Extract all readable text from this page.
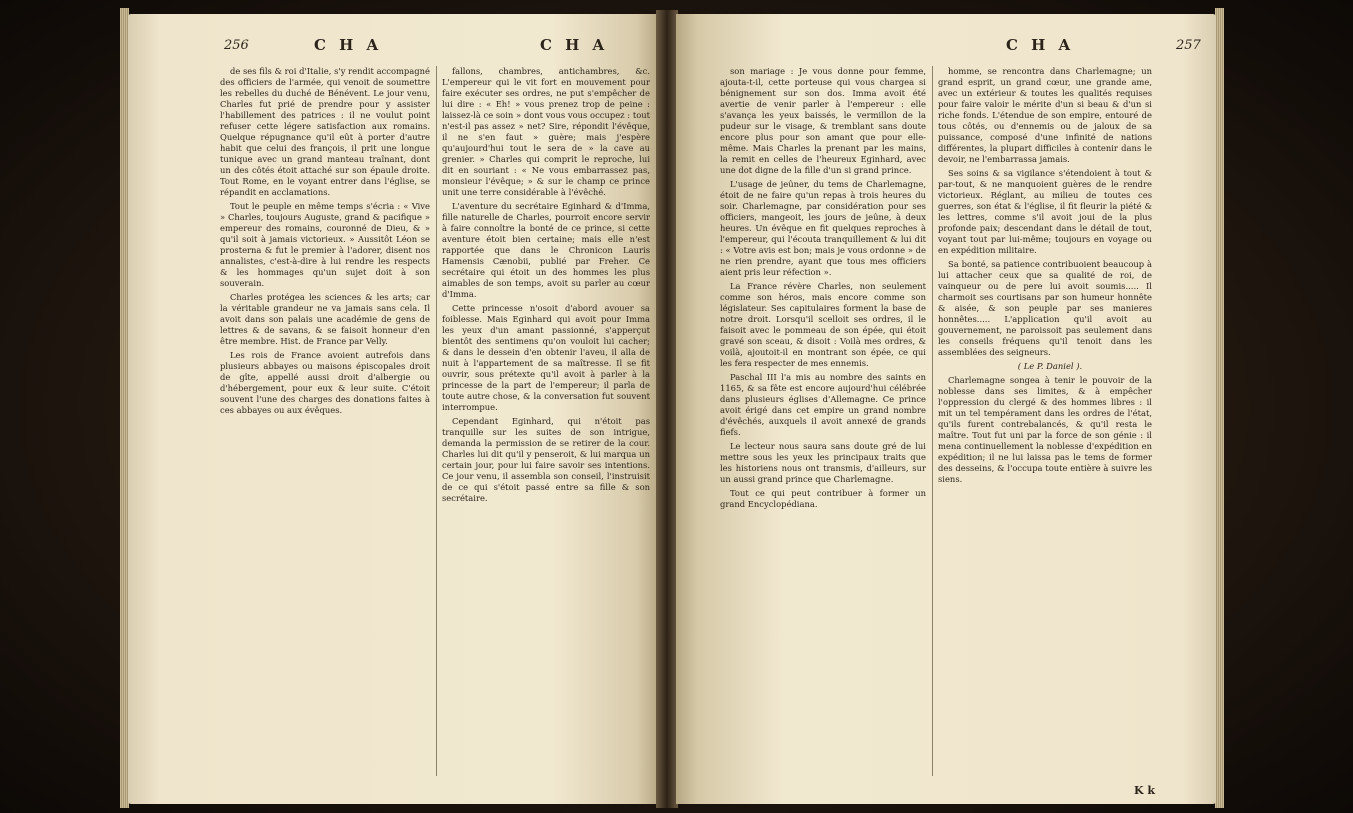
256	C H A	C H A

de ses fils & roi d'Italie, s'y rendit accompagné des officiers de l'armée, qui venoit de soumettre les rebelles du duché de Bénévent. Le jour venu, Charles fut prié de prendre pour y assister l'habillement des patrices : il ne voulut point refuser cette légere satisfaction aux romains. Quelque répugnance qu'il eût à porter d'autre habit que celui des françois, il prit une longue tunique avec un grand manteau traînant, dont un des côtés étoit attaché sur son épaule droite. Tout Rome, en le voyant entrer dans l'église, se répandit en acclamations.

Tout le peuple en même temps s'écria : « Vive » Charles, toujours Auguste, grand & pacifique » empereur des romains, couronné de Dieu, & » qu'il soit à jamais victorieux. » Aussitôt Léon se prosterna & fut le premier à l'adorer, disent nos annalistes, c'est-à-dire à lui rendre les respects & les hommages qu'un sujet doit à son souverain.

Charles protégea les sciences & les arts; car la véritable grandeur ne va jamais sans cela. Il avoit dans son palais une académie de gens de lettres & de savans, & se faisoit honneur d'en être membre. Hist. de France par Velly.

Les rois de France avoient autrefois dans plusieurs abbayes ou maisons épiscopales droit de gîte, appellé aussi droit d'albergie ou d'hébergement, pour eux & leur suite. C'étoit souvent l'une des charges des donations faites à ces abbayes ou aux évêques.

fallons, chambres, antichambres, &c. L'empereur qui le vit fort en mouvement pour faire exécuter ses ordres, ne put s'empêcher de lui dire : « Eh! » vous prenez trop de peine : laissez-là ce soin » dont vous vous occupez : tout n'est-il pas assez » net? Sire, répondit l'évêque, il ne s'en faut » guère; mais j'espère qu'aujourd'hui tout le sera de » la cave au grenier. » Charles qui comprit le reproche, lui dit en souriant : « Ne vous embarrassez pas, monsieur l'évêque; » & sur le champ ce prince unit une terre considérable à l'évêché.

L'aventure du secrétaire Eginhard & d'Imma, fille naturelle de Charles, pourroit encore servir à faire connoître la bonté de ce prince, si cette aventure étoit bien certaine; mais elle n'est rapportée que dans le Chronicon Lauris Hamensis Cænobii, publié par Freher. Ce secrétaire qui étoit un des hommes les plus aimables de son temps, avoit su parler au cœur d'Imma.

Cette princesse n'osoit d'abord avouer sa foiblesse. Mais Eginhard qui avoit pour Imma les yeux d'un amant passionné, s'apperçut bientôt des sentimens qu'on vouloit lui cacher; & dans le dessein d'en obtenir l'aveu, il alla de nuit à l'appartement de sa maîtresse. Il se fit ouvrir, sous prétexte qu'il avoit à parler à la princesse de la part de l'empereur; il parla de toute autre chose, & la conversation fut souvent interrompue.

Cependant Eginhard, qui n'étoit pas tranquille sur les suites de son intrigue, demanda la permission de se retirer de la cour. Charles lui dit qu'il y penseroit, & lui marqua un certain jour, pour lui faire savoir ses intentions. Ce jour venu, il assembla son conseil, l'instruisit de ce qui s'étoit passé entre sa fille & son secrétaire.

C H A	257

son mariage : Je vous donne pour femme, ajouta-t-il, cette porteuse qui vous chargea si bénignement sur son dos. Imma avoit été avertie de venir parler à l'empereur : elle s'avança les yeux baissés, le vermillon de la pudeur sur le visage, & tremblant sans doute encore plus pour son amant que pour elle-même. Mais Charles la prenant par les mains, la remit en celles de l'heureux Eginhard, avec une dot digne de la fille d'un si grand prince.

L'usage de jeûner, du tems de Charlemagne, étoit de ne faire qu'un repas à trois heures du soir. Charlemagne, par considération pour ses officiers, mangeoit, les jours de jeûne, à deux heures. Un évêque en fit quelques reproches à l'empereur, qui l'écouta tranquillement & lui dit : « Votre avis est bon; mais je vous ordonne » de ne rien prendre, ayant que tous mes officiers aient pris leur réfection ».

La France révère Charles, non seulement comme son héros, mais encore comme son législateur. Ses capitulaires forment la base de notre droit. Lorsqu'il scelloit ses ordres, il le faisoit avec le pommeau de son épée, qui étoit gravé son sceau, & disoit : Voilà mes ordres, & voilà, ajoutoit-il en montrant son épée, ce qui les fera respecter de mes ennemis.

Paschal III l'a mis au nombre des saints en 1165, & sa fête est encore aujourd'hui célébrée dans plusieurs églises d'Allemagne. Ce prince avoit érigé dans cet empire un grand nombre d'évêchés, auxquels il avoit annexé de grands fiefs.

Le lecteur nous saura sans doute gré de lui mettre sous les yeux les principaux traits que les historiens nous ont transmis, d'ailleurs, sur un aussi grand prince que Charlemagne.

Tout ce qui peut contribuer à former un grand Encyclopédiana.

homme, se rencontra dans Charlemagne; un grand esprit, un grand cœur, une grande ame, avec un extérieur & toutes les qualités requises pour faire valoir le mérite d'un si beau & d'un si riche fonds. L'étendue de son empire, entouré de tous côtés, ou d'ennemis ou de jaloux de sa puissance, composé d'une infinité de nations différentes, la plupart difficiles à contenir dans le devoir, ne l'embarrassa jamais.

Ses soins & sa vigilance s'étendoient à tout & par-tout, & ne manquoient guères de le rendre victorieux. Réglant, au milieu de toutes ces guerres, son état & l'église, il fit fleurir la piété & les lettres, comme s'il avoit joui de la plus profonde paix; descendant dans le détail de tout, voyant tout par lui-même; toujours en voyage ou en expédition militaire.

Sa bonté, sa patience contribuoient beaucoup à lui attacher ceux que sa qualité de roi, de vainqueur ou de pere lui avoit soumis..... Il charmoit ses courtisans par son humeur honnête & aisée, & son peuple par ses manieres honnêtes..... L'application qu'il avoit au gouvernement, ne paroissoit pas seulement dans les conseils fréquens qu'il tenoit dans les assemblées des seigneurs.

( Le P. Daniel ).

Charlemagne songea à tenir le pouvoir de la noblesse dans ses limites, & à empêcher l'oppression du clergé & des hommes libres : il mit un tel tempérament dans les ordres de l'état, qu'ils furent contrebalancés, & qu'il resta le maître. Tout fut uni par la force de son génie : il mena continuellement la noblesse d'expédition en expédition; il ne lui laissa pas le tems de former des desseins, & l'occupa toute entière à suivre les siens.

K k
